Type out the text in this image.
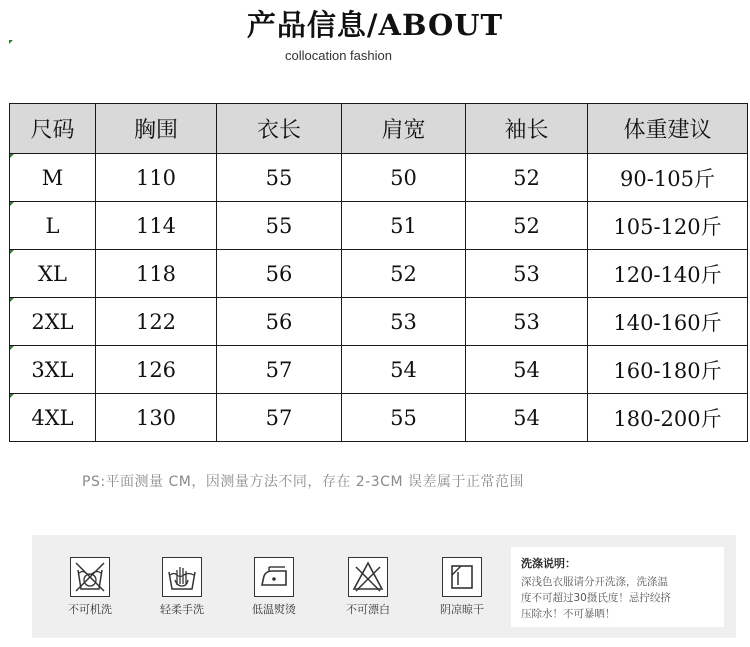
产品信息/ABOUT
collocation fashion
尺码	胸围	衣长	肩宽	袖长	体重建议
M	110	55	50	52	90-105斤
L	114	55	51	52	105-120斤
XL	118	56	52	53	120-140斤
2XL	122	56	53	53	140-160斤
3XL	126	57	54	54	160-180斤
4XL	130	57	55	54	180-200斤
PS:平面测量 CM，因测量方法不同，存在 2-3CM 误差属于正常范围
不可机洗	轻柔手洗	低温熨烫	不可漂白	阴凉晾干
洗涤说明：
深浅色衣服请分开洗涤，洗涤温
度不可超过30摄氏度！忌拧绞挤
压除水！不可暴晒！
